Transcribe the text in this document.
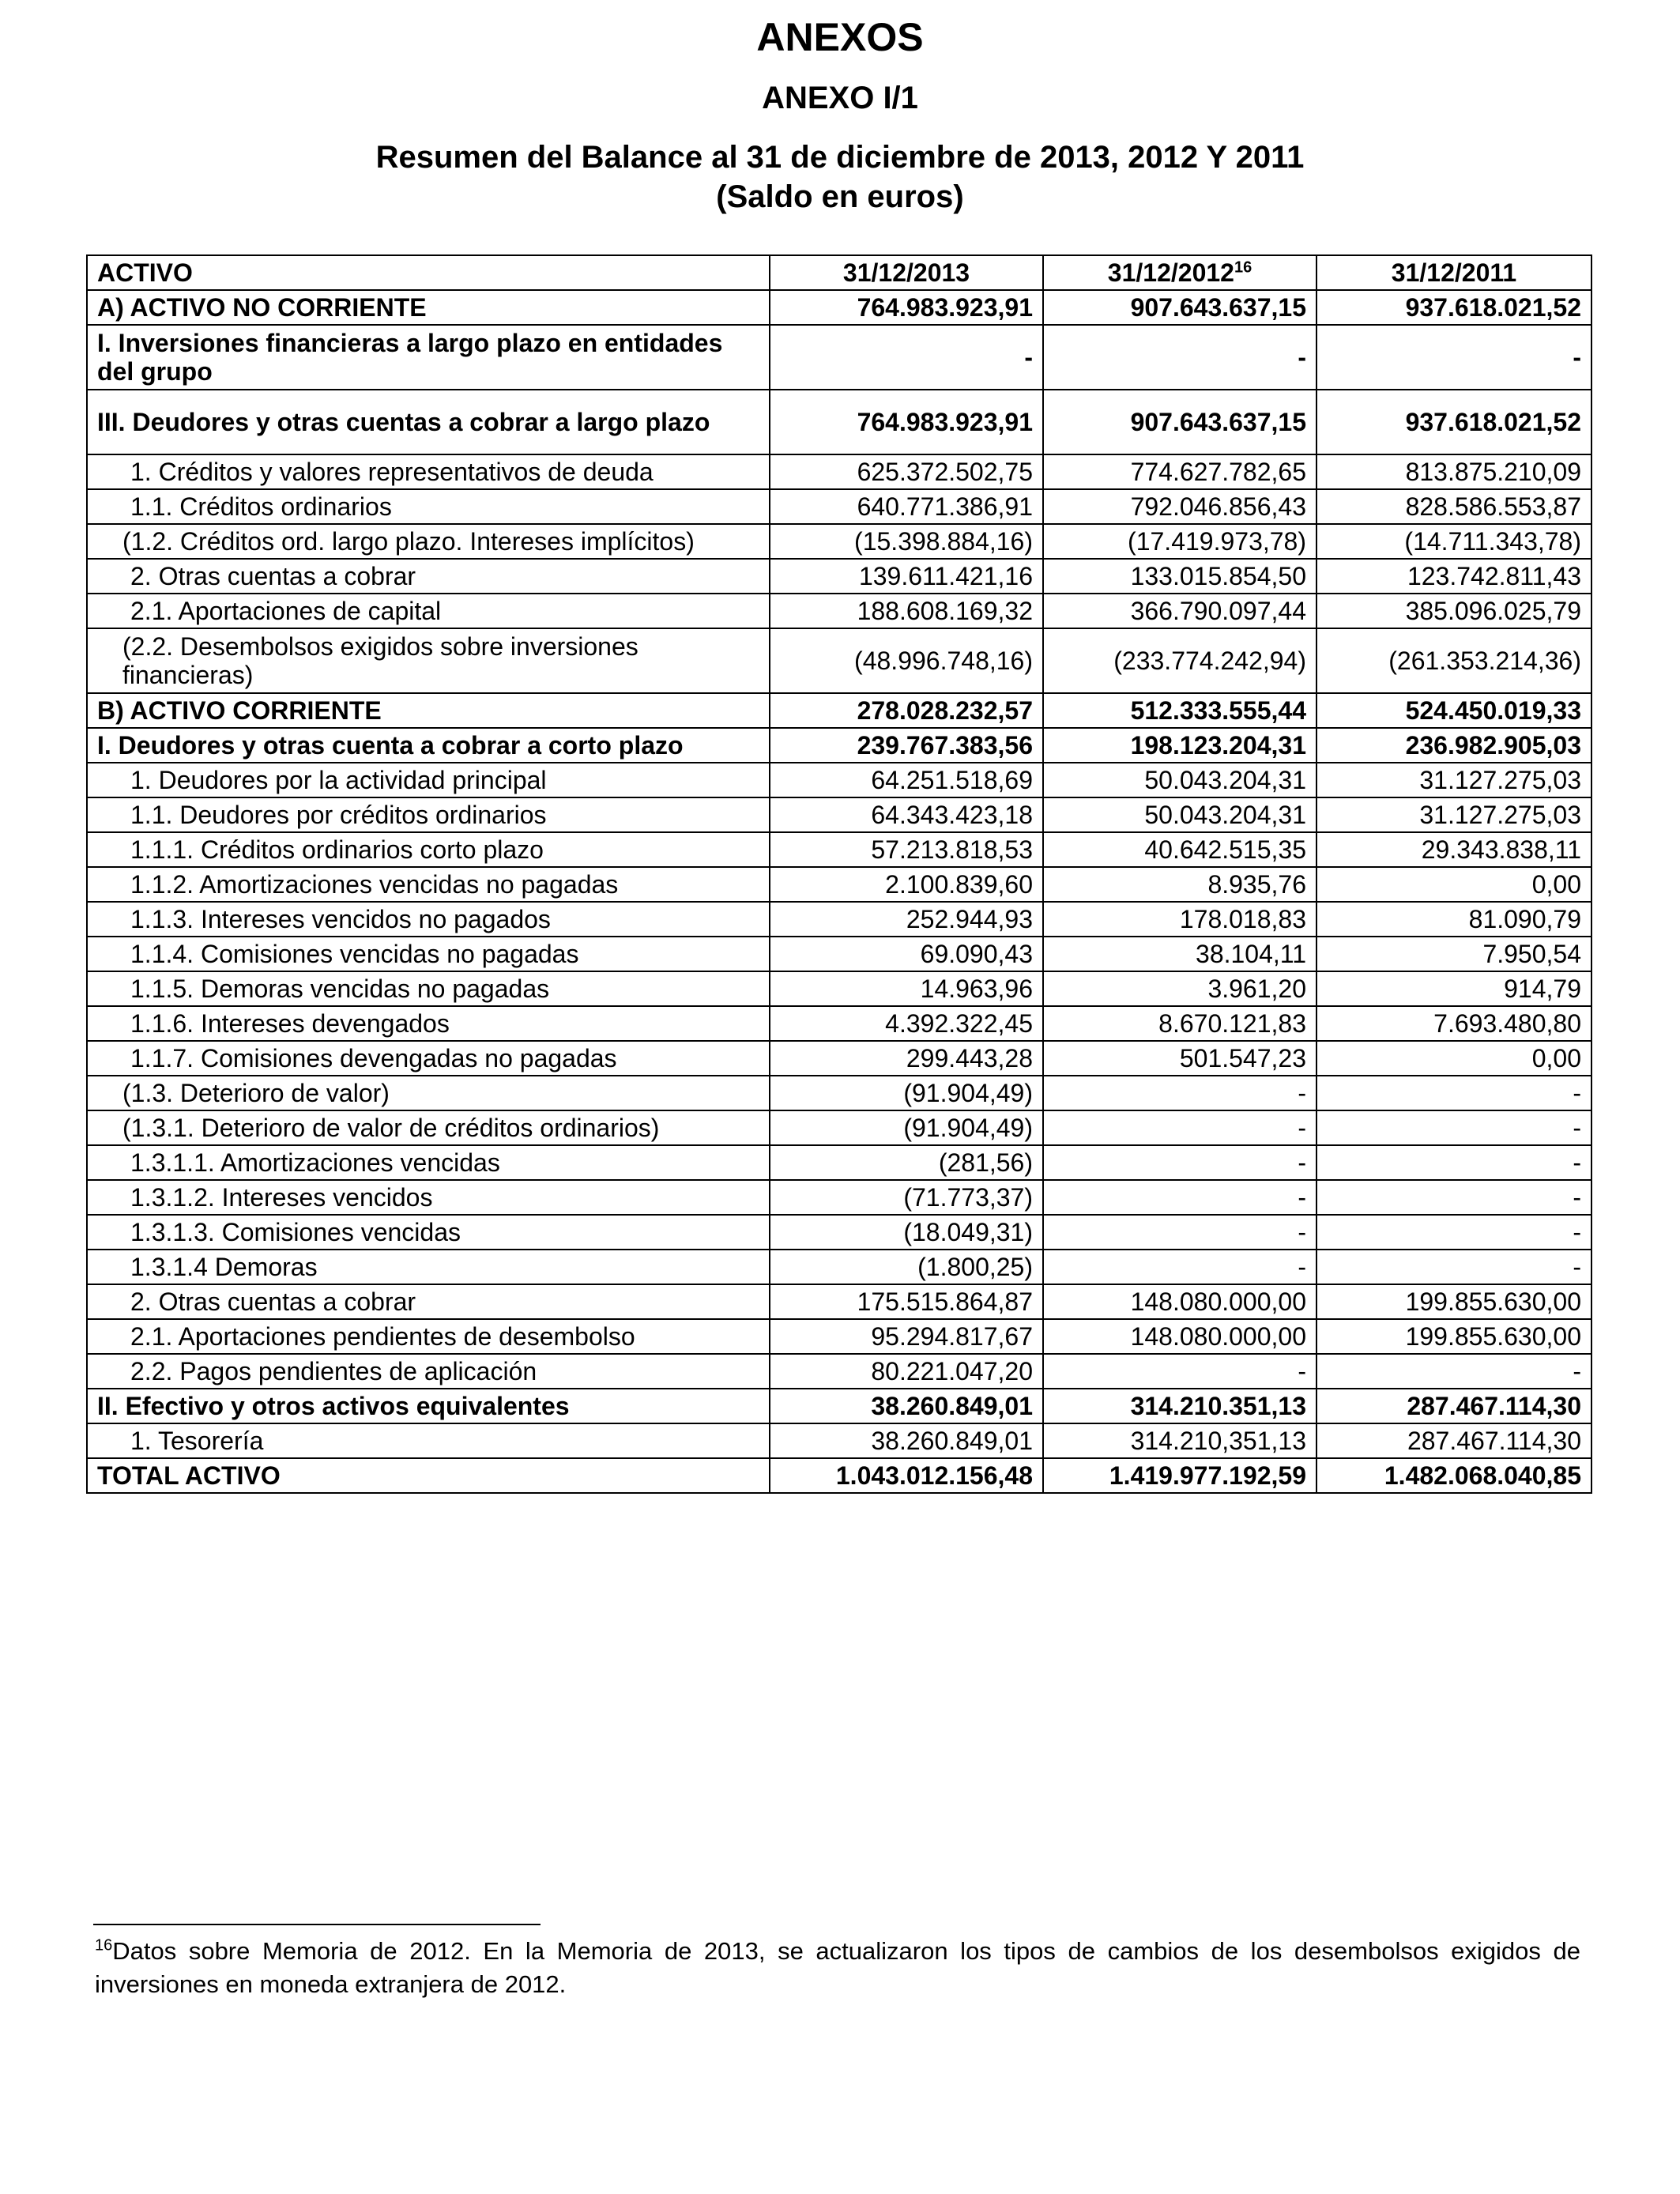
ANEXOS
ANEXO I/1
Resumen del Balance al 31 de diciembre de 2013, 2012 Y 2011
(Saldo en euros)
ACTIVO	31/12/2013	31/12/2012$^{16}$	31/12/2011
A) ACTIVO NO CORRIENTE	764.983.923,91	907.643.637,15	937.618.021,52
I. Inversiones financieras a largo plazo en entidades del grupo	-	-	-
III. Deudores y otras cuentas a cobrar a largo plazo	764.983.923,91	907.643.637,15	937.618.021,52
1. Créditos y valores representativos de deuda	625.372.502,75	774.627.782,65	813.875.210,09
1.1. Créditos ordinarios	640.771.386,91	792.046.856,43	828.586.553,87
(1.2. Créditos ord. largo plazo. Intereses implícitos)	(15.398.884,16)	(17.419.973,78)	(14.711.343,78)
2. Otras cuentas a cobrar	139.611.421,16	133.015.854,50	123.742.811,43
2.1. Aportaciones de capital	188.608.169,32	366.790.097,44	385.096.025,79
(2.2. Desembolsos exigidos sobre inversiones financieras)	(48.996.748,16)	(233.774.242,94)	(261.353.214,36)
B) ACTIVO CORRIENTE	278.028.232,57	512.333.555,44	524.450.019,33
I. Deudores y otras cuenta a cobrar a corto plazo	239.767.383,56	198.123.204,31	236.982.905,03
1. Deudores por la actividad principal	64.251.518,69	50.043.204,31	31.127.275,03
1.1. Deudores por créditos ordinarios	64.343.423,18	50.043.204,31	31.127.275,03
1.1.1. Créditos ordinarios corto plazo	57.213.818,53	40.642.515,35	29.343.838,11
1.1.2. Amortizaciones vencidas no pagadas	2.100.839,60	8.935,76	0,00
1.1.3. Intereses vencidos no pagados	252.944,93	178.018,83	81.090,79
1.1.4. Comisiones vencidas no pagadas	69.090,43	38.104,11	7.950,54
1.1.5. Demoras vencidas no pagadas	14.963,96	3.961,20	914,79
1.1.6. Intereses devengados	4.392.322,45	8.670.121,83	7.693.480,80
1.1.7. Comisiones devengadas no pagadas	299.443,28	501.547,23	0,00
(1.3. Deterioro de valor)	(91.904,49)	-	-
(1.3.1. Deterioro de valor de créditos ordinarios)	(91.904,49)	-	-
1.3.1.1. Amortizaciones vencidas	(281,56)	-	-
1.3.1.2. Intereses vencidos	(71.773,37)	-	-
1.3.1.3. Comisiones vencidas	(18.049,31)	-	-
1.3.1.4 Demoras	(1.800,25)	-	-
2. Otras cuentas a cobrar	175.515.864,87	148.080.000,00	199.855.630,00
2.1. Aportaciones pendientes de desembolso	95.294.817,67	148.080.000,00	199.855.630,00
2.2. Pagos pendientes de aplicación	80.221.047,20	-	-
II. Efectivo y otros activos equivalentes	38.260.849,01	314.210.351,13	287.467.114,30
1. Tesorería	38.260.849,01	314.210,351,13	287.467.114,30
TOTAL ACTIVO	1.043.012.156,48	1.419.977.192,59	1.482.068.040,85
$^{16}$Datos sobre Memoria de 2012. En la Memoria de 2013, se actualizaron los tipos de cambios de los desembolsos exigidos de inversiones en moneda extranjera de 2012.
